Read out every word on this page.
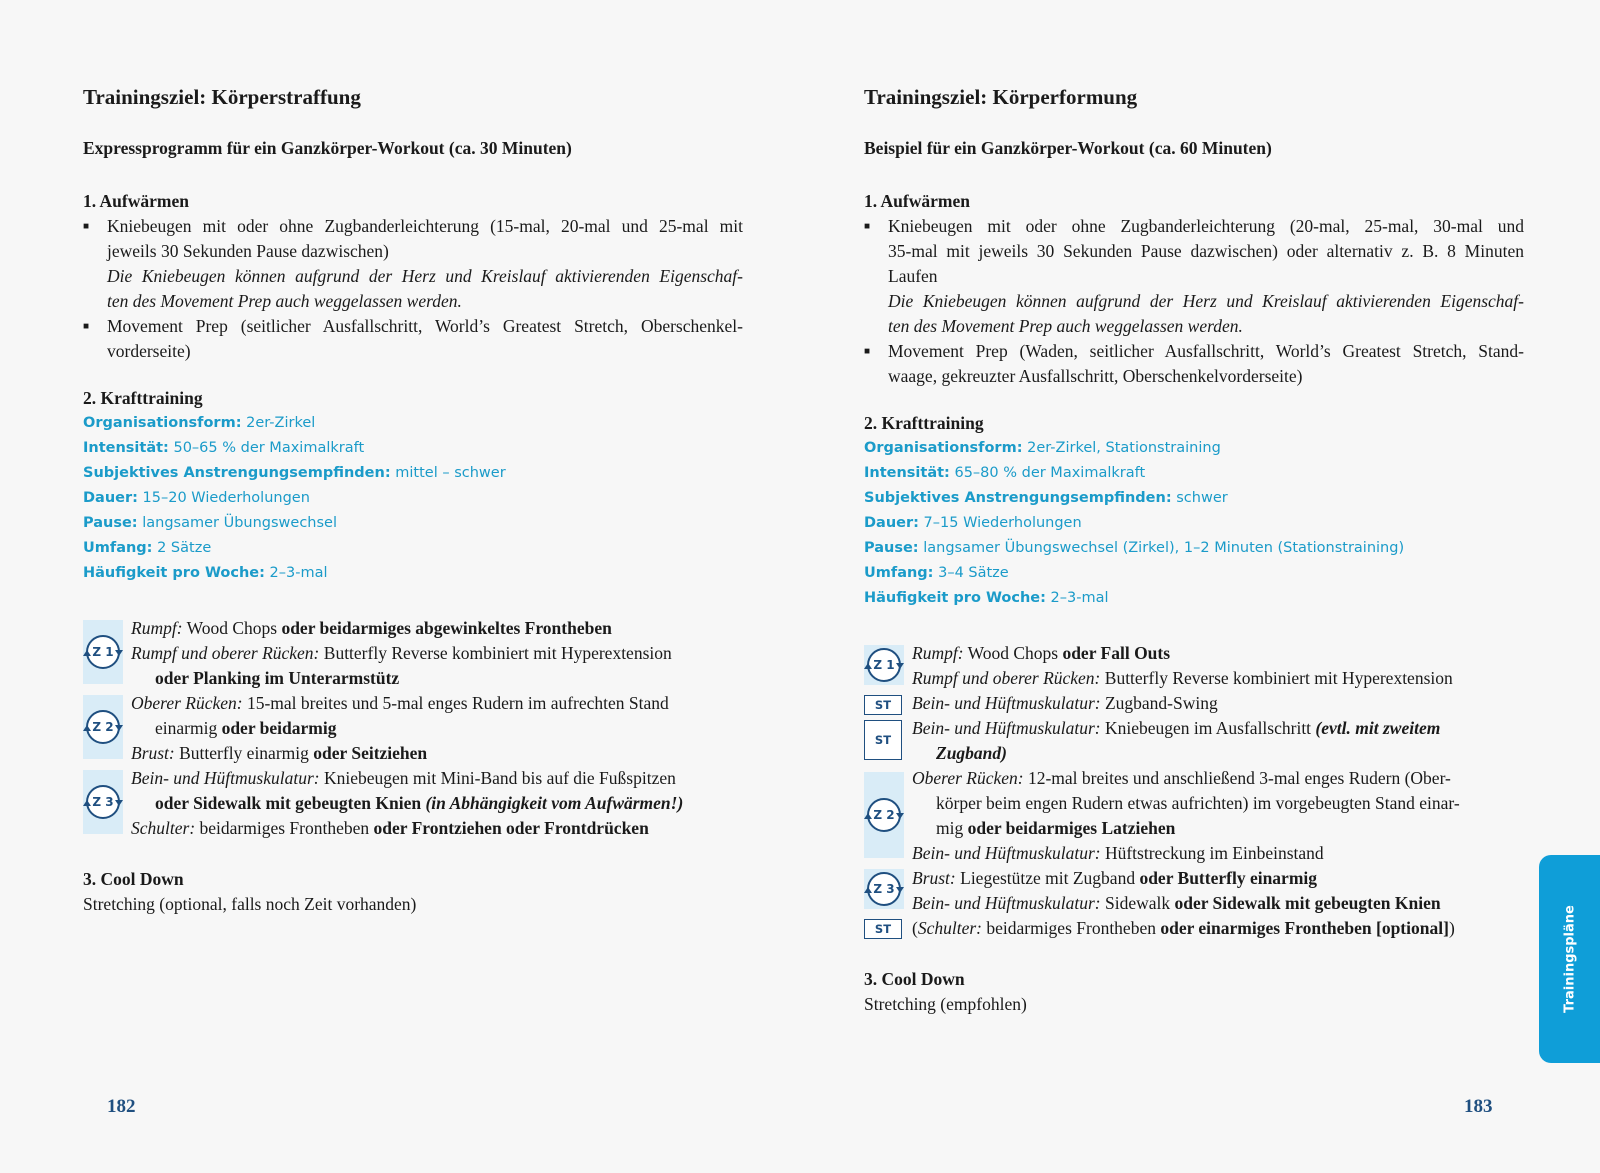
Trainingsziel: Körperstraffung
Expressprogramm für ein Ganzkörper-Workout (ca. 30 Minuten)
1. Aufwärmen
■ Kniebeugen mit oder ohne Zugbanderleichterung (15-mal, 20-mal und 25-mal mit
jeweils 30 Sekunden Pause dazwischen)
Die Kniebeugen können aufgrund der Herz und Kreislauf aktivierenden Eigenschaf-
ten des Movement Prep auch weggelassen werden.
■ Movement Prep (seitlicher Ausfallschritt, World’s Greatest Stretch, Oberschenkel-
vorderseite)
2. Krafttraining
Organisationsform: 2er-Zirkel
Intensität: 50–65 % der Maximalkraft
Subjektives Anstrengungsempfinden: mittel – schwer
Dauer: 15–20 Wiederholungen
Pause: langsamer Übungswechsel
Umfang: 2 Sätze
Häufigkeit pro Woche: 2–3-mal
Z 1
Z 2
Z 3
Rumpf: Wood Chops oder beidarmiges abgewinkeltes Frontheben
Rumpf und oberer Rücken: Butterfly Reverse kombiniert mit Hyperextension
oder Planking im Unterarmstütz
Oberer Rücken: 15-mal breites und 5-mal enges Rudern im aufrechten Stand
einarmig oder beidarmig
Brust: Butterfly einarmig oder Seitziehen
Bein- und Hüftmuskulatur: Kniebeugen mit Mini-Band bis auf die Fußspitzen
oder Sidewalk mit gebeugten Knien (in Abhängigkeit vom Aufwärmen!)
Schulter: beidarmiges Frontheben oder Frontziehen oder Frontdrücken
3. Cool Down
Stretching (optional, falls noch Zeit vorhanden)
182
Trainingsziel: Körperformung
Beispiel für ein Ganzkörper-Workout (ca. 60 Minuten)
1. Aufwärmen
■ Kniebeugen mit oder ohne Zugbanderleichterung (20-mal, 25-mal, 30-mal und
35-mal mit jeweils 30 Sekunden Pause dazwischen) oder alternativ z. B. 8 Minuten
Laufen
Die Kniebeugen können aufgrund der Herz und Kreislauf aktivierenden Eigenschaf-
ten des Movement Prep auch weggelassen werden.
■ Movement Prep (Waden, seitlicher Ausfallschritt, World’s Greatest Stretch, Stand-
waage, gekreuzter Ausfallschritt, Oberschenkelvorderseite)
2. Krafttraining
Organisationsform: 2er-Zirkel, Stationstraining
Intensität: 65–80 % der Maximalkraft
Subjektives Anstrengungsempfinden: schwer
Dauer: 7–15 Wiederholungen
Pause: langsamer Übungswechsel (Zirkel), 1–2 Minuten (Stationstraining)
Umfang: 3–4 Sätze
Häufigkeit pro Woche: 2–3-mal
Z 1
ST
ST
Z 2
Z 3
ST
Rumpf: Wood Chops oder Fall Outs
Rumpf und oberer Rücken: Butterfly Reverse kombiniert mit Hyperextension
Bein- und Hüftmuskulatur: Zugband-Swing
Bein- und Hüftmuskulatur: Kniebeugen im Ausfallschritt (evtl. mit zweitem
Zugband)
Oberer Rücken: 12-mal breites und anschließend 3-mal enges Rudern (Ober-
körper beim engen Rudern etwas aufrichten) im vorgebeugten Stand einar-
mig oder beidarmiges Latziehen
Bein- und Hüftmuskulatur: Hüftstreckung im Einbeinstand
Brust: Liegestütze mit Zugband oder Butterfly einarmig
Bein- und Hüftmuskulatur: Sidewalk oder Sidewalk mit gebeugten Knien
(Schulter: beidarmiges Frontheben oder einarmiges Frontheben [optional])
3. Cool Down
Stretching (empfohlen)
183
Trainingspläne
